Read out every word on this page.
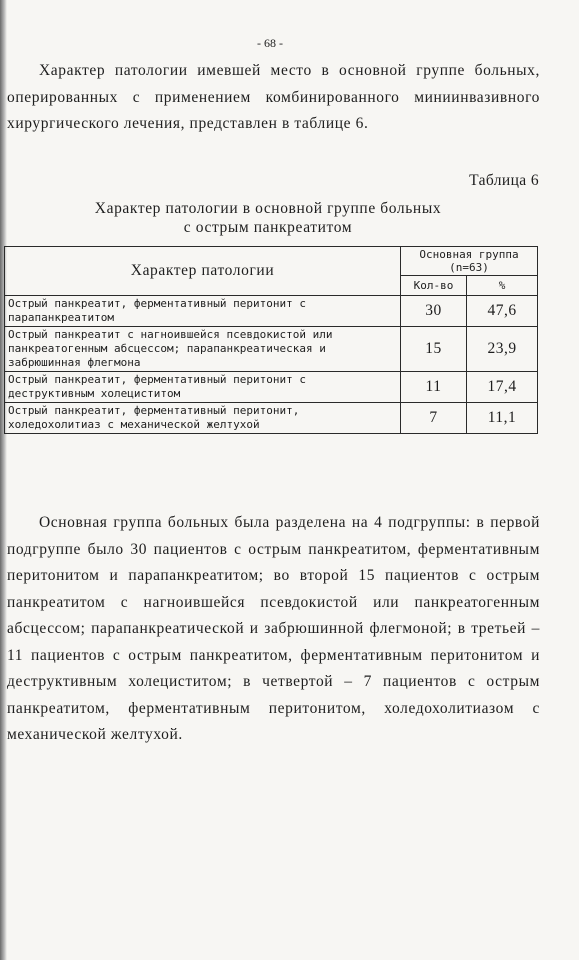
- 68 -

Характер патологии имевшей место в основной группе больных, оперированных с применением комбинированного миниинвазивного хирургического лечения, представлен в таблице 6.

Таблица 6
Характер патологии в основной группе больных
с острым панкреатитом
Характер патологии	Основная группа
(n=63)	

	Кол-во	%
Острый панкреатит, ферментативный перитонит с парапанкреатитом	30	47,6
Острый панкреатит с нагноившейся псевдокистой или панкреатогенным абсцессом; парапанкреатическая и забрюшинная флегмона	15	23,9
Острый панкреатит, ферментативный перитонит с деструктивным холециститом	11	17,4
Острый панкреатит, ферментативный перитонит, холедохолитиаз с механической желтухой	7	11,1

Основная группа больных была разделена на 4 подгруппы: в первой подгруппе было 30 пациентов с острым панкреатитом, ферментативным перитонитом и парапанкреатитом; во второй 15 пациентов с острым панкреатитом с нагноившейся псевдокистой или панкреатогенным абсцессом; парапанкреатической и забрюшинной флегмоной; в третьей – 11 пациентов с острым панкреатитом, ферментативным перитонитом и деструктивным холециститом; в четвертой – 7 пациентов с острым панкреатитом, ферментативным перитонитом, холедохолитиазом с механической желтухой.
